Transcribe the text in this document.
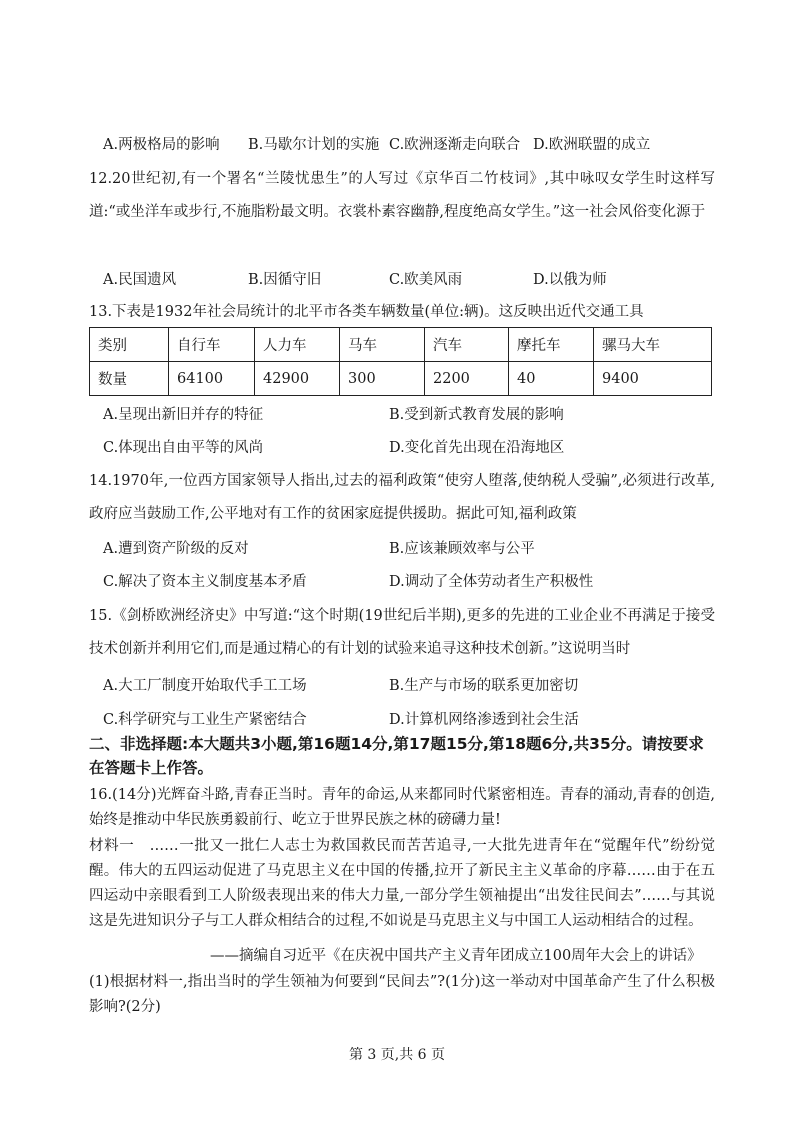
A.两极格局的影响 B.马歇尔计划的实施 C.欧洲逐渐走向联合 D.欧洲联盟的成立
12.20世纪初,有一个署名“兰陵忧患生”的人写过《京华百二竹枝词》,其中咏叹女学生时这样写道:“或坐洋车或步行,不施脂粉最文明。衣裳朴素容幽静,程度绝高女学生。”这一社会风俗变化源于
A.民国遗风	B.因循守旧	C.欧美风雨	D.以俄为师
13.下表是1932年社会局统计的北平市各类车辆数量(单位:辆)。这反映出近代交通工具
类别	自行车	人力车	马车	汽车	摩托车	骡马大车
数量	64100	42900	300	2200	40	9400
A.呈现出新旧并存的特征	B.受到新式教育发展的影响
C.体现出自由平等的风尚	D.变化首先出现在沿海地区
14.1970年,一位西方国家领导人指出,过去的福利政策“使穷人堕落,使纳税人受骗”,必须进行改革,政府应当鼓励工作,公平地对有工作的贫困家庭提供援助。据此可知,福利政策
A.遭到资产阶级的反对	B.应该兼顾效率与公平
C.解决了资本主义制度基本矛盾	D.调动了全体劳动者生产积极性
15.《剑桥欧洲经济史》中写道:“这个时期(19世纪后半期),更多的先进的工业企业不再满足于接受技术创新并利用它们,而是通过精心的有计划的试验来追寻这种技术创新。”这说明当时
A.大工厂制度开始取代手工工场	B.生产与市场的联系更加密切
C.科学研究与工业生产紧密结合	D.计算机网络渗透到社会生活
二、非选择题:本大题共3小题,第16题14分,第17题15分,第18题6分,共35分。请按要求在答题卡上作答。
16.(14分)光辉奋斗路,青春正当时。青年的命运,从来都同时代紧密相连。青春的涌动,青春的创造,始终是推动中华民族勇毅前行、屹立于世界民族之林的磅礴力量!
材料一　……一批又一批仁人志士为救国救民而苦苦追寻,一大批先进青年在“觉醒年代”纷纷觉醒。伟大的五四运动促进了马克思主义在中国的传播,拉开了新民主主义革命的序幕……由于在五四运动中亲眼看到工人阶级表现出来的伟大力量,一部分学生领袖提出“出发往民间去”……与其说这是先进知识分子与工人群众相结合的过程,不如说是马克思主义与中国工人运动相结合的过程。
——摘编自习近平《在庆祝中国共产主义青年团成立100周年大会上的讲话》
(1)根据材料一,指出当时的学生领袖为何要到“民间去”?(1分)这一举动对中国革命产生了什么积极影响?(2分)
第 3 页,共 6 页
